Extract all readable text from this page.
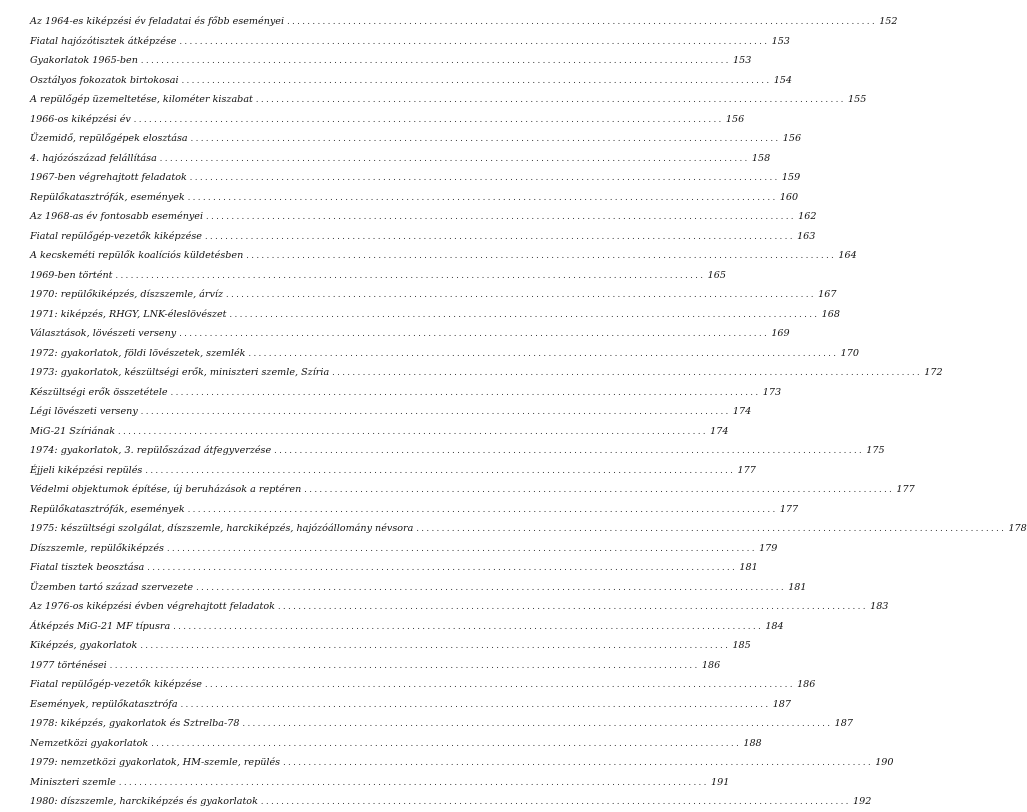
Az 1964-es kiképzési év feladatai és főbb eseményei . . .	152
Fiatal hajózótisztek átképzése . . .	153
Gyakorlatok 1965-ben . . .	153
Osztályos fokozatok birtokosai . . .	154
A repülőgép üzemeltetése, kilométer kiszabat . . .	155
1966-os kiképzési év . . .	156
Üzemidő, repülőgépek elosztása . . .	156
4. hajózószázad felállítása . . .	158
1967-ben végrehajtott feladatok . . .	159
Repülőkatasztrófák, események . . .	160
Az 1968-as év fontosabb eseményei . . .	162
Fiatal repülőgép-vezetők kiképzése . . .	163
A kecskeméti repülők koalíciós küldetésben . . .	164
1969-ben történt . . .	165
1970: repülőkiképzés, díszszemle, árvíz . . .	167
1971: kiképzés, RHGY, LNK-éleslövészet . . .	168
Választások, lövészeti verseny . . .	169
1972: gyakorlatok, földi lövészetek, szemlék . . .	170
1973: gyakorlatok, készültségi erők, miniszteri szemle, Szíria . . .	172
Készültségi erők összetétele . . .	173
Légi lövészeti verseny . . .	174
MiG-21 Szíriának . . .	174
1974: gyakorlatok, 3. repülőszázad átfegyverzése . . .	175
Éjjeli kiképzési repülés . . .	177
Védelmi objektumok építése, új beruházások a reptéren . . .	177
Repülőkatasztrófák, események . . .	177
1975: készültségi szolgálat, díszszemle, harckiképzés, hajózóállomány névsora . . .	178
Díszszemle, repülőkiképzés . . .	179
Fiatal tisztek beosztása . . .	181
Üzemben tartó század szervezete . . .	181
Az 1976-os kiképzési évben végrehajtott feladatok . . .	183
Átképzés MiG-21 MF típusra . . .	184
Kiképzés, gyakorlatok . . .	185
1977 történései . . .	186
Fiatal repülőgép-vezetők kiképzése . . .	186
Események, repülőkatasztrófa . . .	187
1978: kiképzés, gyakorlatok és Sztrelba-78 . . .	187
Nemzetközi gyakorlatok . . .	188
1979: nemzetközi gyakorlatok, HM-szemle, repülés . . .	190
Miniszteri szemle . . .	191
1980: díszszemle, harckiképzés és gyakorlatok . . .	192
